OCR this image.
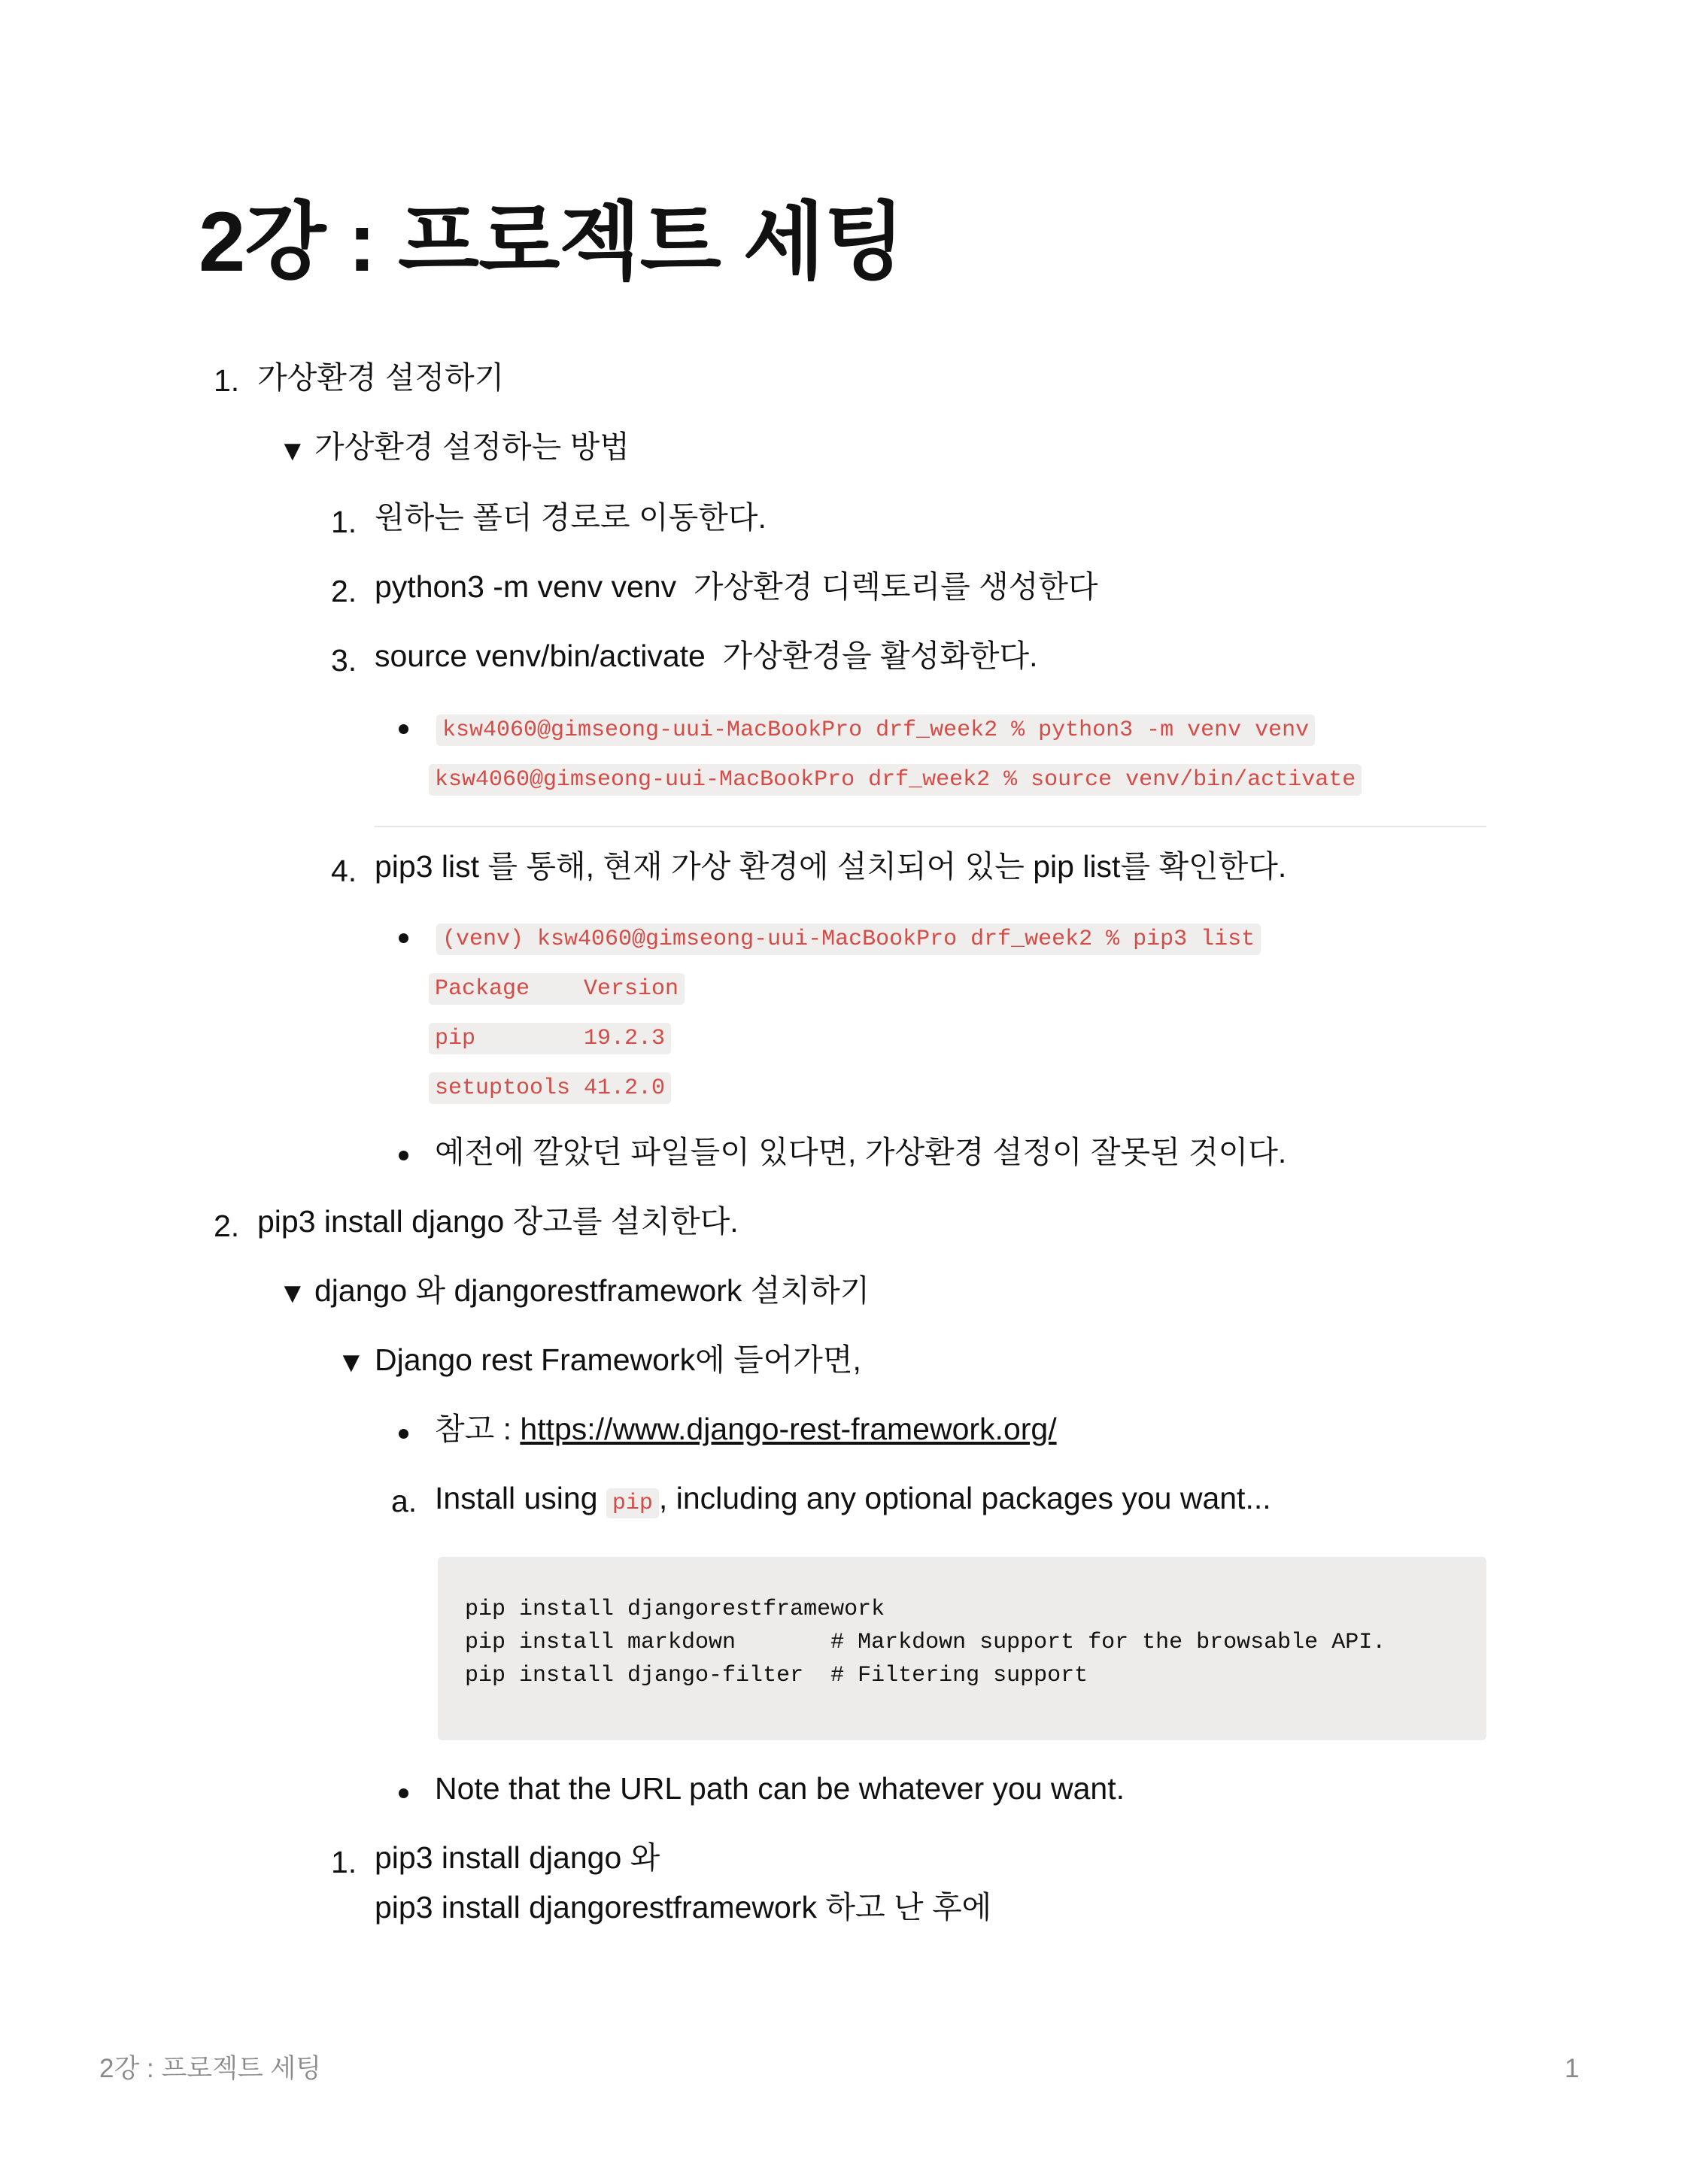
2강 : 프로젝트 세팅
1. 가상환경 설정하기
▼ 가상환경 설정하는 방법
1. 원하는 폴더 경로로 이동한다.
2. python3 -m venv venv  가상환경 디렉토리를 생성한다
3. source venv/bin/activate  가상환경을 활성화한다.
ksw4060@gimseong-uui-MacBookPro drf_week2 % python3 -m venv venv
ksw4060@gimseong-uui-MacBookPro drf_week2 % source venv/bin/activate
4. pip3 list 를 통해, 현재 가상 환경에 설치되어 있는 pip list를 확인한다.
(venv) ksw4060@gimseong-uui-MacBookPro drf_week2 % pip3 list
Package    Version
pip        19.2.3
setuptools 41.2.0
예전에 깔았던 파일들이 있다면, 가상환경 설정이 잘못된 것이다.
2. pip3 install django 장고를 설치한다.
▼ django 와 djangorestframework 설치하기
▼ Django rest Framework에 들어가면,
참고 : https://www.django-rest-framework.org/
a. Install using pip , including any optional packages you want...
pip install djangorestframework
pip install markdown       # Markdown support for the browsable API.
pip install django-filter  # Filtering support
Note that the URL path can be whatever you want.
1. pip3 install django 와
pip3 install djangorestframework 하고 난 후에
2강 : 프로젝트 세팅	1
